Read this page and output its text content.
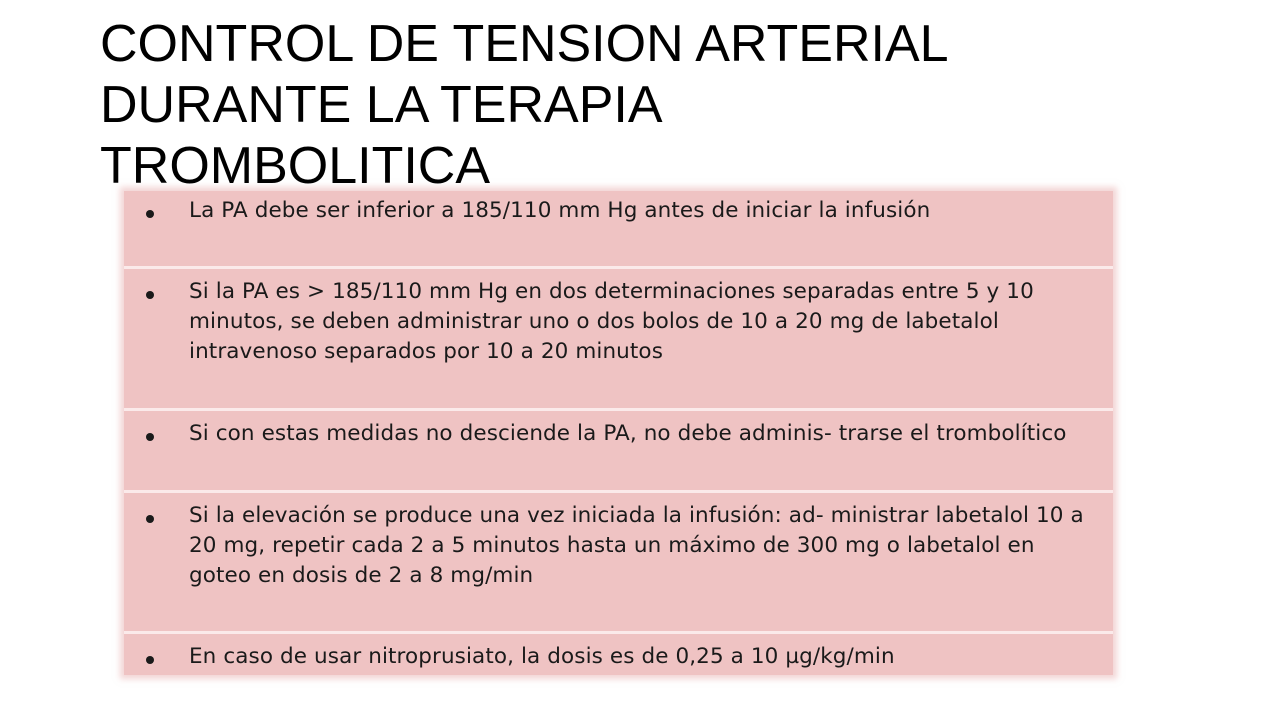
CONTROL DE TENSION ARTERIAL
DURANTE LA TERAPIA
TROMBOLITICA
La PA debe ser inferior a 185/110 mm Hg antes de iniciar la infusión
Si la PA es > 185/110 mm Hg en dos determinaciones separadas entre 5 y 10 minutos, se deben administrar uno o dos bolos de 10 a 20 mg de labetalol intravenoso separados por 10 a 20 minutos
Si con estas medidas no desciende la PA, no debe adminis- trarse el trombolítico
Si la elevación se produce una vez iniciada la infusión: ad- ministrar labetalol 10 a 20 mg, repetir cada 2 a 5 minutos hasta un máximo de 300 mg o labetalol en goteo en dosis de 2 a 8 mg/min
En caso de usar nitroprusiato, la dosis es de 0,25 a 10 µg/kg/min
